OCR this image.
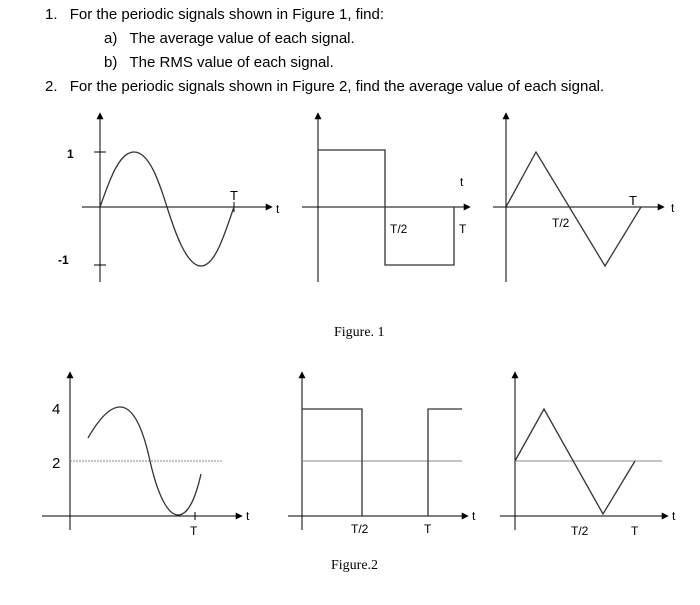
1. For the periodic signals shown in Figure 1, find:
a) The average value of each signal.
b) The RMS value of each signal.
2. For the periodic signals shown in Figure 2, find the average value of each signal.
1
-1
T
t
T/2
t
T	T/2
T	t
4
2
T
t
T/2	T
t
T/2	T
t
Figure. 1
Figure.2
